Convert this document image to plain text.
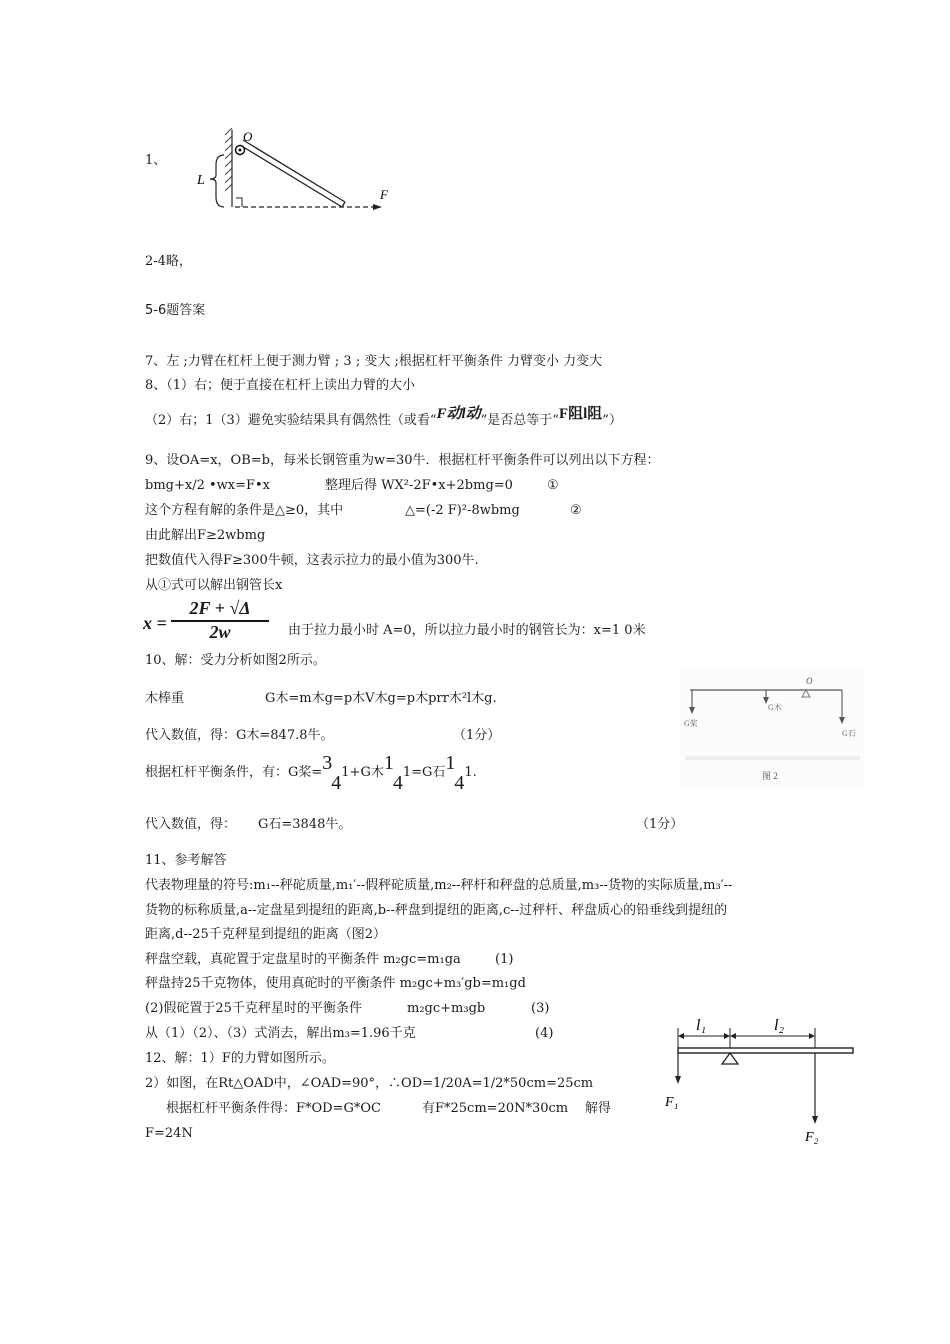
1、
O
L
F
2-4略，
5-6题答案
7、左 ;力臂在杠杆上便于测力臂 ; 3 ; 变大 ;根据杠杆平衡条件 力臂变小 力变大
8、（1）右；便于直接在杠杆上读出力臂的大小
（2）右；1（3）避免实验结果具有偶然性（或看“F动l动”是否总等于“F阻l阻”）
9、设OA=x，OB=b，每米长钢管重为w=30牛．根据杠杆平衡条件可以列出以下方程：
bmg+x/2 •wx=F•x	整理后得 WX²-2F•x+2bmg=0	①
这个方程有解的条件是△≥0，其中	△=(-2 F)²-8wbmg	②
由此解出F≥2wbmg
把数值代入得F≥300牛顿，这表示拉力的最小值为300牛.
从①式可以解出钢管长x
x =
2F + √Δ
2w	由于拉力最小时 A=0，所以拉力最小时的钢管长为：x=1 0米
10、解：受力分析如图2所示。
木棒重	G木=m木g=p木V木g=p木prr木²l木g.
代入数值，得：G木=847.8牛。	（1分）
根据杠杆平衡条件，有：G桨= 3
4 1+G木 1
4 1=G石 1
4 1.
代入数值，得： G石=3848牛。	（1分）
O
G桨
G木
G石
图 2
11、参考解答
代表物理量的符号:m₁--秤砣质量,m₁′--假秤砣质量,m₂--秤杆和秤盘的总质量,m₃--货物的实际质量,m₃′--
货物的标称质量,a--定盘星到提纽的距离,b--秤盘到提纽的距离,c--过秤杆、秤盘质心的铅垂线到提纽的
距离,d--25千克秤星到提纽的距离（图2）
秤盘空载，真砣置于定盘星时的平衡条件 m₂gc=m₁ga	(1)
秤盘持25千克物体，使用真砣时的平衡条件 m₂gc+m₃′gb=m₁gd
(2)假砣置于25千克秤星时的平衡条件	m₂gc+m₃gb	(3)
从（1）（2）、（3）式消去，解出m₃=1.96千克	(4)
12、解：1）F的力臂如图所示。
2）如图，在Rt△OAD中，∠OAD=90°，∴OD=1/20A=1/2*50cm=25cm
根据杠杆平衡条件得：F*OD=G*OC	有F*25cm=20N*30cm 解得
F=24N
l₁	l₂
F₁
F₂
